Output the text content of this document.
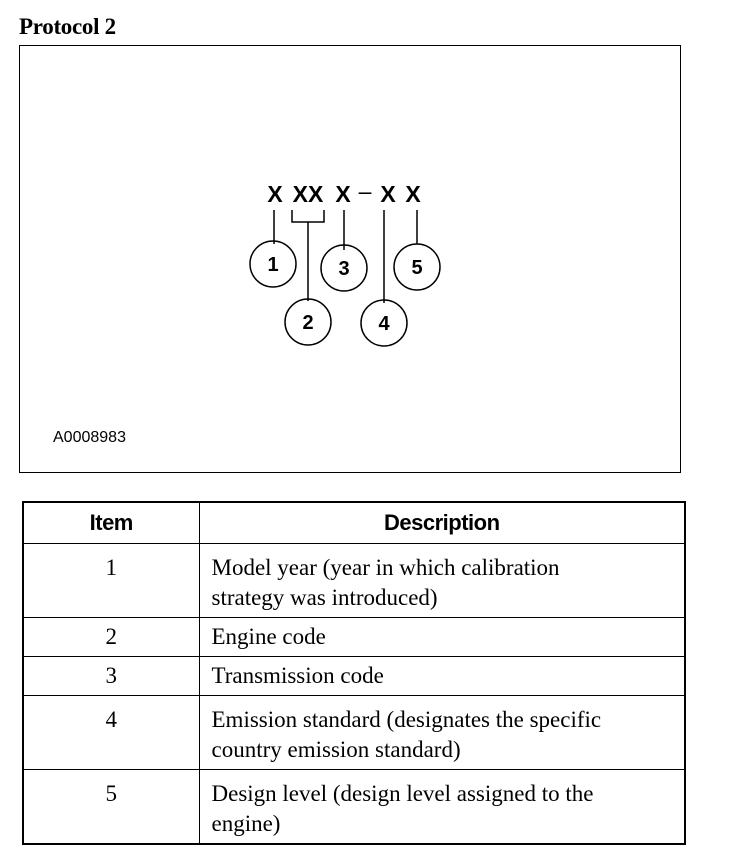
Protocol 2
X XX X – X X
1
2
3
4
5
A0008983
Item	Description
1	Model year (year in which calibration
strategy was introduced)

2	Engine code

3	Transmission code

4	Emission standard (designates the specific
country emission standard)

5	Design level (design level assigned to the
engine)
